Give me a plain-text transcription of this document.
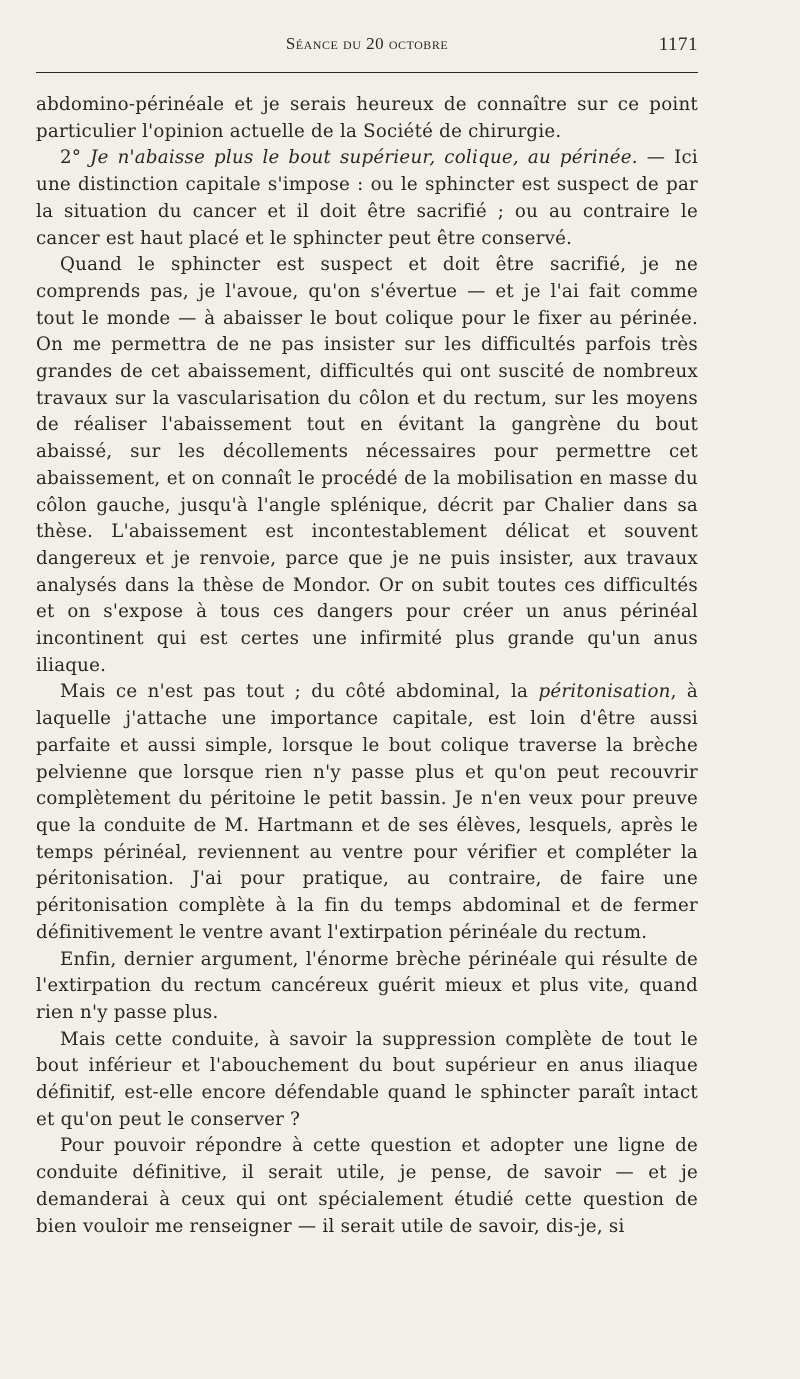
Séance du 20 octobre	1171

abdomino-périnéale et je serais heureux de connaître sur ce point particulier l'opinion actuelle de la Société de chirurgie.

2° Je n'abaisse plus le bout supérieur, colique, au périnée. — Ici une distinction capitale s'impose : ou le sphincter est suspect de par la situation du cancer et il doit être sacrifié ; ou au contraire le cancer est haut placé et le sphincter peut être conservé.

Quand le sphincter est suspect et doit être sacrifié, je ne comprends pas, je l'avoue, qu'on s'évertue — et je l'ai fait comme tout le monde — à abaisser le bout colique pour le fixer au périnée. On me permettra de ne pas insister sur les difficultés parfois très grandes de cet abaissement, difficultés qui ont suscité de nombreux travaux sur la vascularisation du côlon et du rectum, sur les moyens de réaliser l'abaissement tout en évitant la gangrène du bout abaissé, sur les décollements nécessaires pour permettre cet abaissement, et on connaît le procédé de la mobilisation en masse du côlon gauche, jusqu'à l'angle splénique, décrit par Chalier dans sa thèse. L'abaissement est incontestablement délicat et souvent dangereux et je renvoie, parce que je ne puis insister, aux travaux analysés dans la thèse de Mondor. Or on subit toutes ces difficultés et on s'expose à tous ces dangers pour créer un anus périnéal incontinent qui est certes une infirmité plus grande qu'un anus iliaque.

Mais ce n'est pas tout ; du côté abdominal, la péritonisation, à laquelle j'attache une importance capitale, est loin d'être aussi parfaite et aussi simple, lorsque le bout colique traverse la brèche pelvienne que lorsque rien n'y passe plus et qu'on peut recouvrir complètement du péritoine le petit bassin. Je n'en veux pour preuve que la conduite de M. Hartmann et de ses élèves, lesquels, après le temps périnéal, reviennent au ventre pour vérifier et compléter la péritonisation. J'ai pour pratique, au contraire, de faire une péritonisation complète à la fin du temps abdominal et de fermer définitivement le ventre avant l'extirpation périnéale du rectum.

Enfin, dernier argument, l'énorme brèche périnéale qui résulte de l'extirpation du rectum cancéreux guérit mieux et plus vite, quand rien n'y passe plus.

Mais cette conduite, à savoir la suppression complète de tout le bout inférieur et l'abouchement du bout supérieur en anus iliaque définitif, est-elle encore défendable quand le sphincter paraît intact et qu'on peut le conserver ?

Pour pouvoir répondre à cette question et adopter une ligne de conduite définitive, il serait utile, je pense, de savoir — et je demanderai à ceux qui ont spécialement étudié cette question de bien vouloir me renseigner — il serait utile de savoir, dis-je, si
